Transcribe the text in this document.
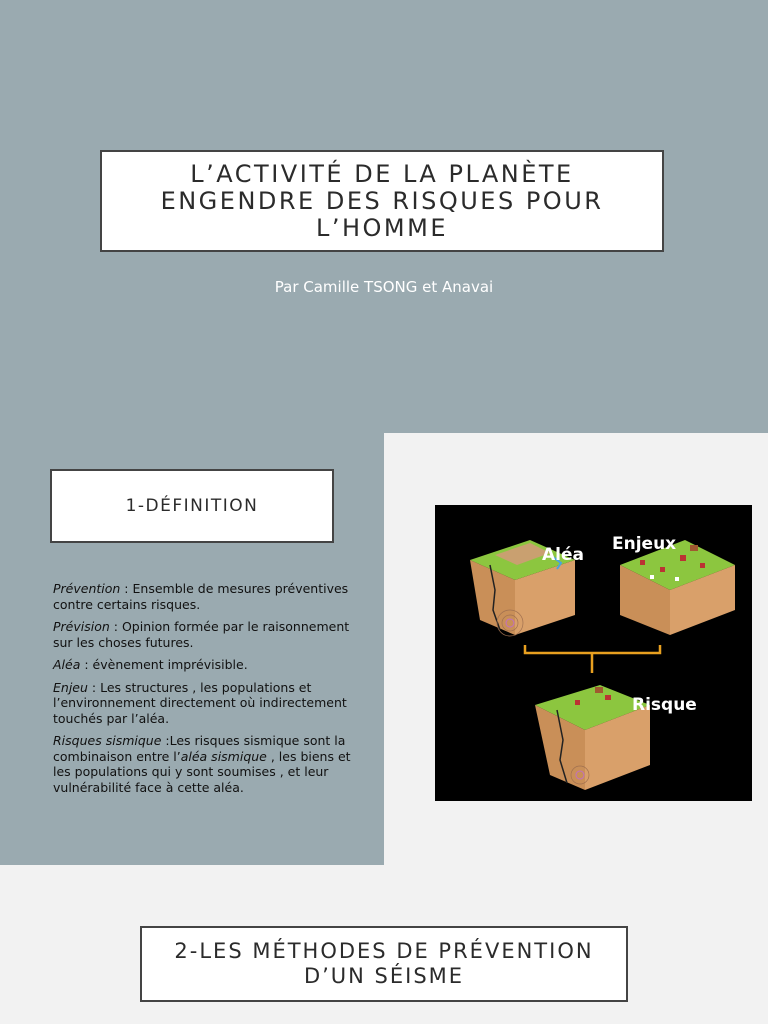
L’ACTIVITÉ DE LA PLANÈTE ENGENDRE DES RISQUES POUR L’HOMME
Par Camille TSONG et Anavai
1-DÉFINITION

Prévention : Ensemble de mesures préventives contre certains risques.

Prévision : Opinion formée par le raisonnement sur les choses futures.

Aléa : évènement imprévisible.

Enjeu : Les structures , les populations et l’environnement directement où indirectement touchés par l’aléa.

Risques sismique :Les risques sismique sont la combinaison entre l’aléa sismique , les biens et les populations qui y sont soumises , et leur vulnérabilité face à cette aléa.

Aléa
Enjeux
Risque
2-LES MÉTHODES DE PRÉVENTION D’UN SÉISME
